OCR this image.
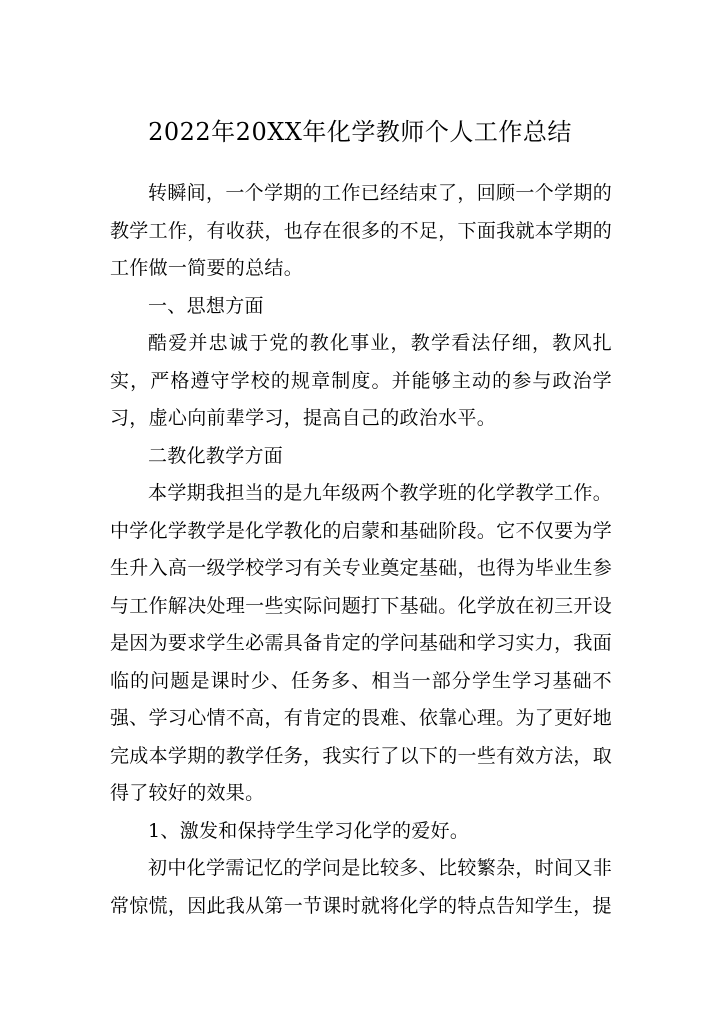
2022年20XX年化学教师个人工作总结

转瞬间，一个学期的工作已经结束了，回顾一个学期的教学工作，有收获，也存在很多的不足，下面我就本学期的工作做一简要的总结。

一、思想方面

酷爱并忠诚于党的教化事业，教学看法仔细，教风扎实，严格遵守学校的规章制度。并能够主动的参与政治学习，虚心向前辈学习，提高自己的政治水平。

二教化教学方面

本学期我担当的是九年级两个教学班的化学教学工作。中学化学教学是化学教化的启蒙和基础阶段。它不仅要为学生升入高一级学校学习有关专业奠定基础，也得为毕业生参与工作解决处理一些实际问题打下基础。化学放在初三开设是因为要求学生必需具备肯定的学问基础和学习实力，我面临的问题是课时少、任务多、相当一部分学生学习基础不强、学习心情不高，有肯定的畏难、依靠心理。为了更好地完成本学期的教学任务，我实行了以下的一些有效方法，取得了较好的效果。

1、激发和保持学生学习化学的爱好。

初中化学需记忆的学问是比较多、比较繁杂，时间又非常惊慌，因此我从第一节课时就将化学的特点告知学生，提
